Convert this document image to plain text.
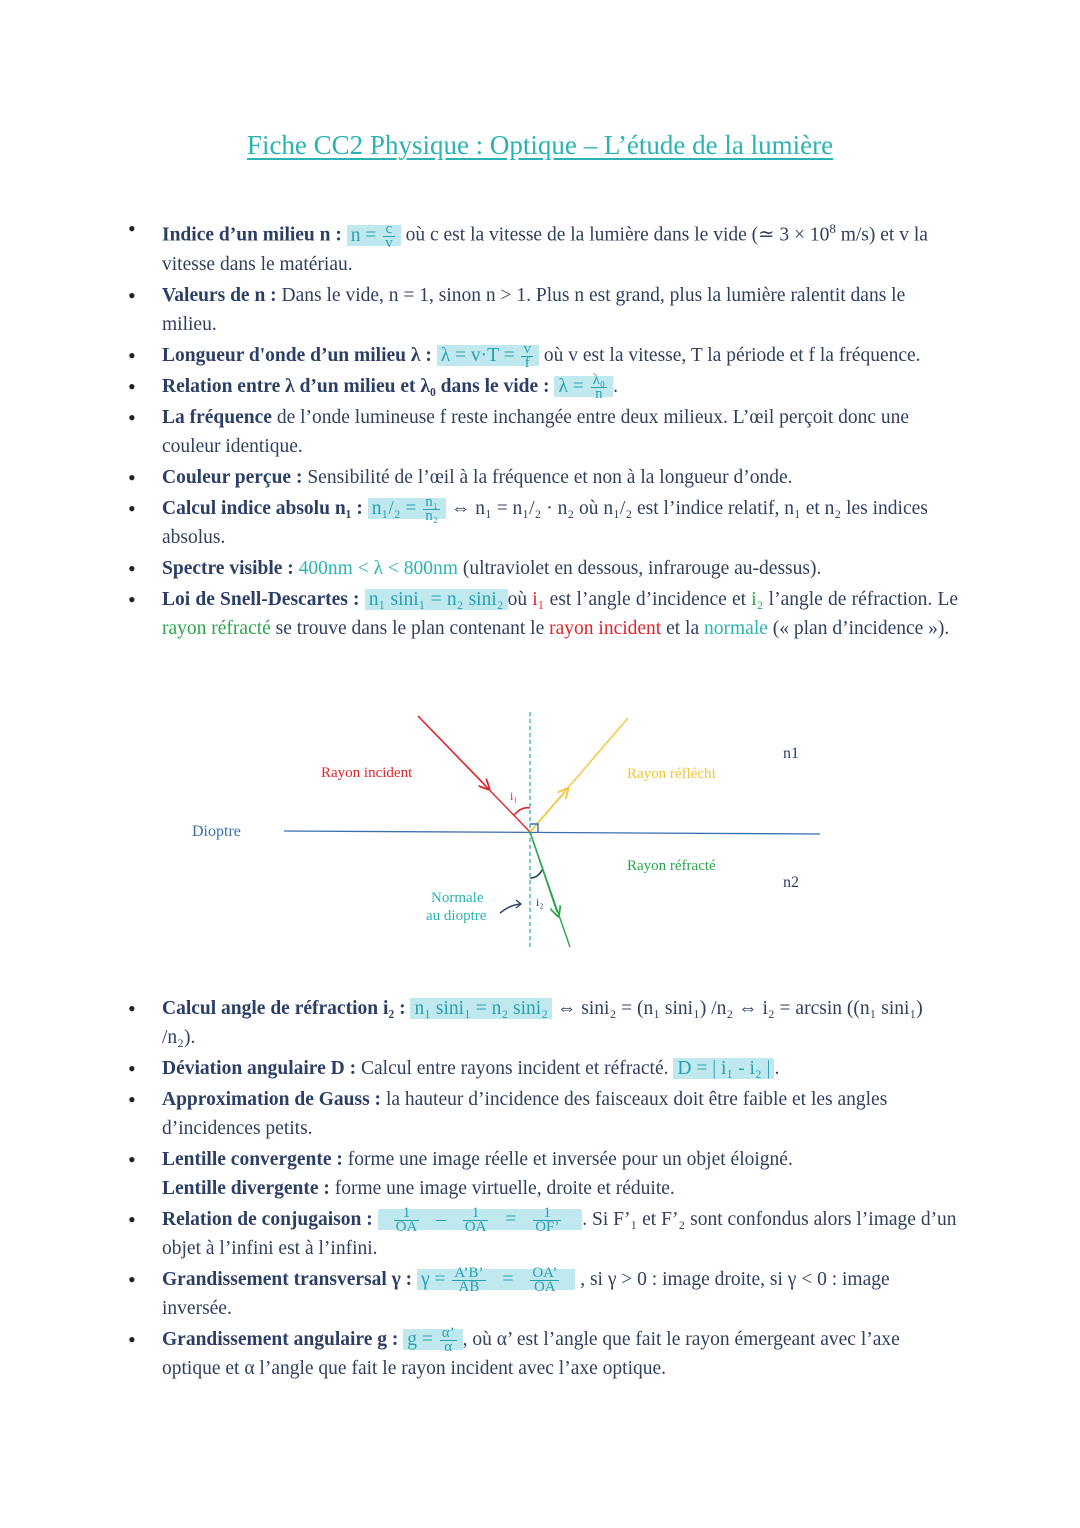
Fiche CC2 Physique : Optique – L’étude de la lumière
• Indice d’un milieu n : $n = \frac{c}{v}$ où c est la vitesse de la lumière dans le vide (≃ $3 \times 10^8$ m/s) et v la vitesse dans le matériau.
• Valeurs de n : Dans le vide, n = 1, sinon n > 1. Plus n est grand, plus la lumière ralentit dans le milieu.
• Longueur d'onde d’un milieu λ : $\lambda = v\cdot T = \frac{v}{f}$ où v est la vitesse, T la période et f la fréquence.
• Relation entre λ d’un milieu et λ₀ dans le vide : $\lambda = \frac{\text{λ₀}}{n}$ .
• La fréquence de l’onde lumineuse f reste inchangée entre deux milieux. L’œil perçoit donc une couleur identique.
• Couleur perçue : Sensibilité de l’œil à la fréquence et non à la longueur d’onde.
• Calcul indice absolu n₁ : $n_1/_2 = \frac{\text{n₁}}{\text{n₂}}$ ⇔ n₁ = n₁/₂ · n₂ où n₁/₂ est l’indice relatif, n₁ et n₂ les indices absolus.
• Spectre visible : 400nm < λ < 800nm (ultraviolet en dessous, infrarouge au-dessus).
• Loi de Snell-Descartes : n₁ sini₁ = n₂ sini₂ où i₁ est l’angle d’incidence et i₂ l’angle de réfraction. Le rayon réfracté se trouve dans le plan contenant le rayon incident et la normale (« plan d’incidence »).
Rayon incident	Rayon réfléchi
Rayon réfracté
Dioptre
Normale
au dioptre
n1
n2
i₁
i₂
• Calcul angle de réfraction i₂ : n₁ sini₁ = n₂ sini₂ ⇔ sini₂ = (n₁ sini₁) /n₂ ⇔ i₂ = arcsin ((n₁ sini₁) /n₂).
• Déviation angulaire D : Calcul entre rayons incident et réfracté. D = | i₁ - i₂ | .
• Approximation de Gauss : la hauteur d’incidence des faisceaux doit être faible et les angles d’incidences petits.
• Lentille convergente : forme une image réelle et inversée pour un objet éloigné.
Lentille divergente : forme une image virtuelle, droite et réduite.
• Relation de conjugaison : $\frac{1}{OA} - \frac{1}{OA} = \frac{1}{OF’}$ . Si F’₁ et F’₂ sont confondus alors l’image d’un objet à l’infini est à l’infini.
• Grandissement transversal γ : $\gamma = \frac{A’B’}{AB} = \frac{OA’}{OA}$ , si γ > 0 : image droite, si γ < 0 : image inversée.
• Grandissement angulaire g : $g = \frac{\alpha’}{\alpha}$ , où α’ est l’angle que fait le rayon émergeant avec l’axe optique et α l’angle que fait le rayon incident avec l’axe optique.
